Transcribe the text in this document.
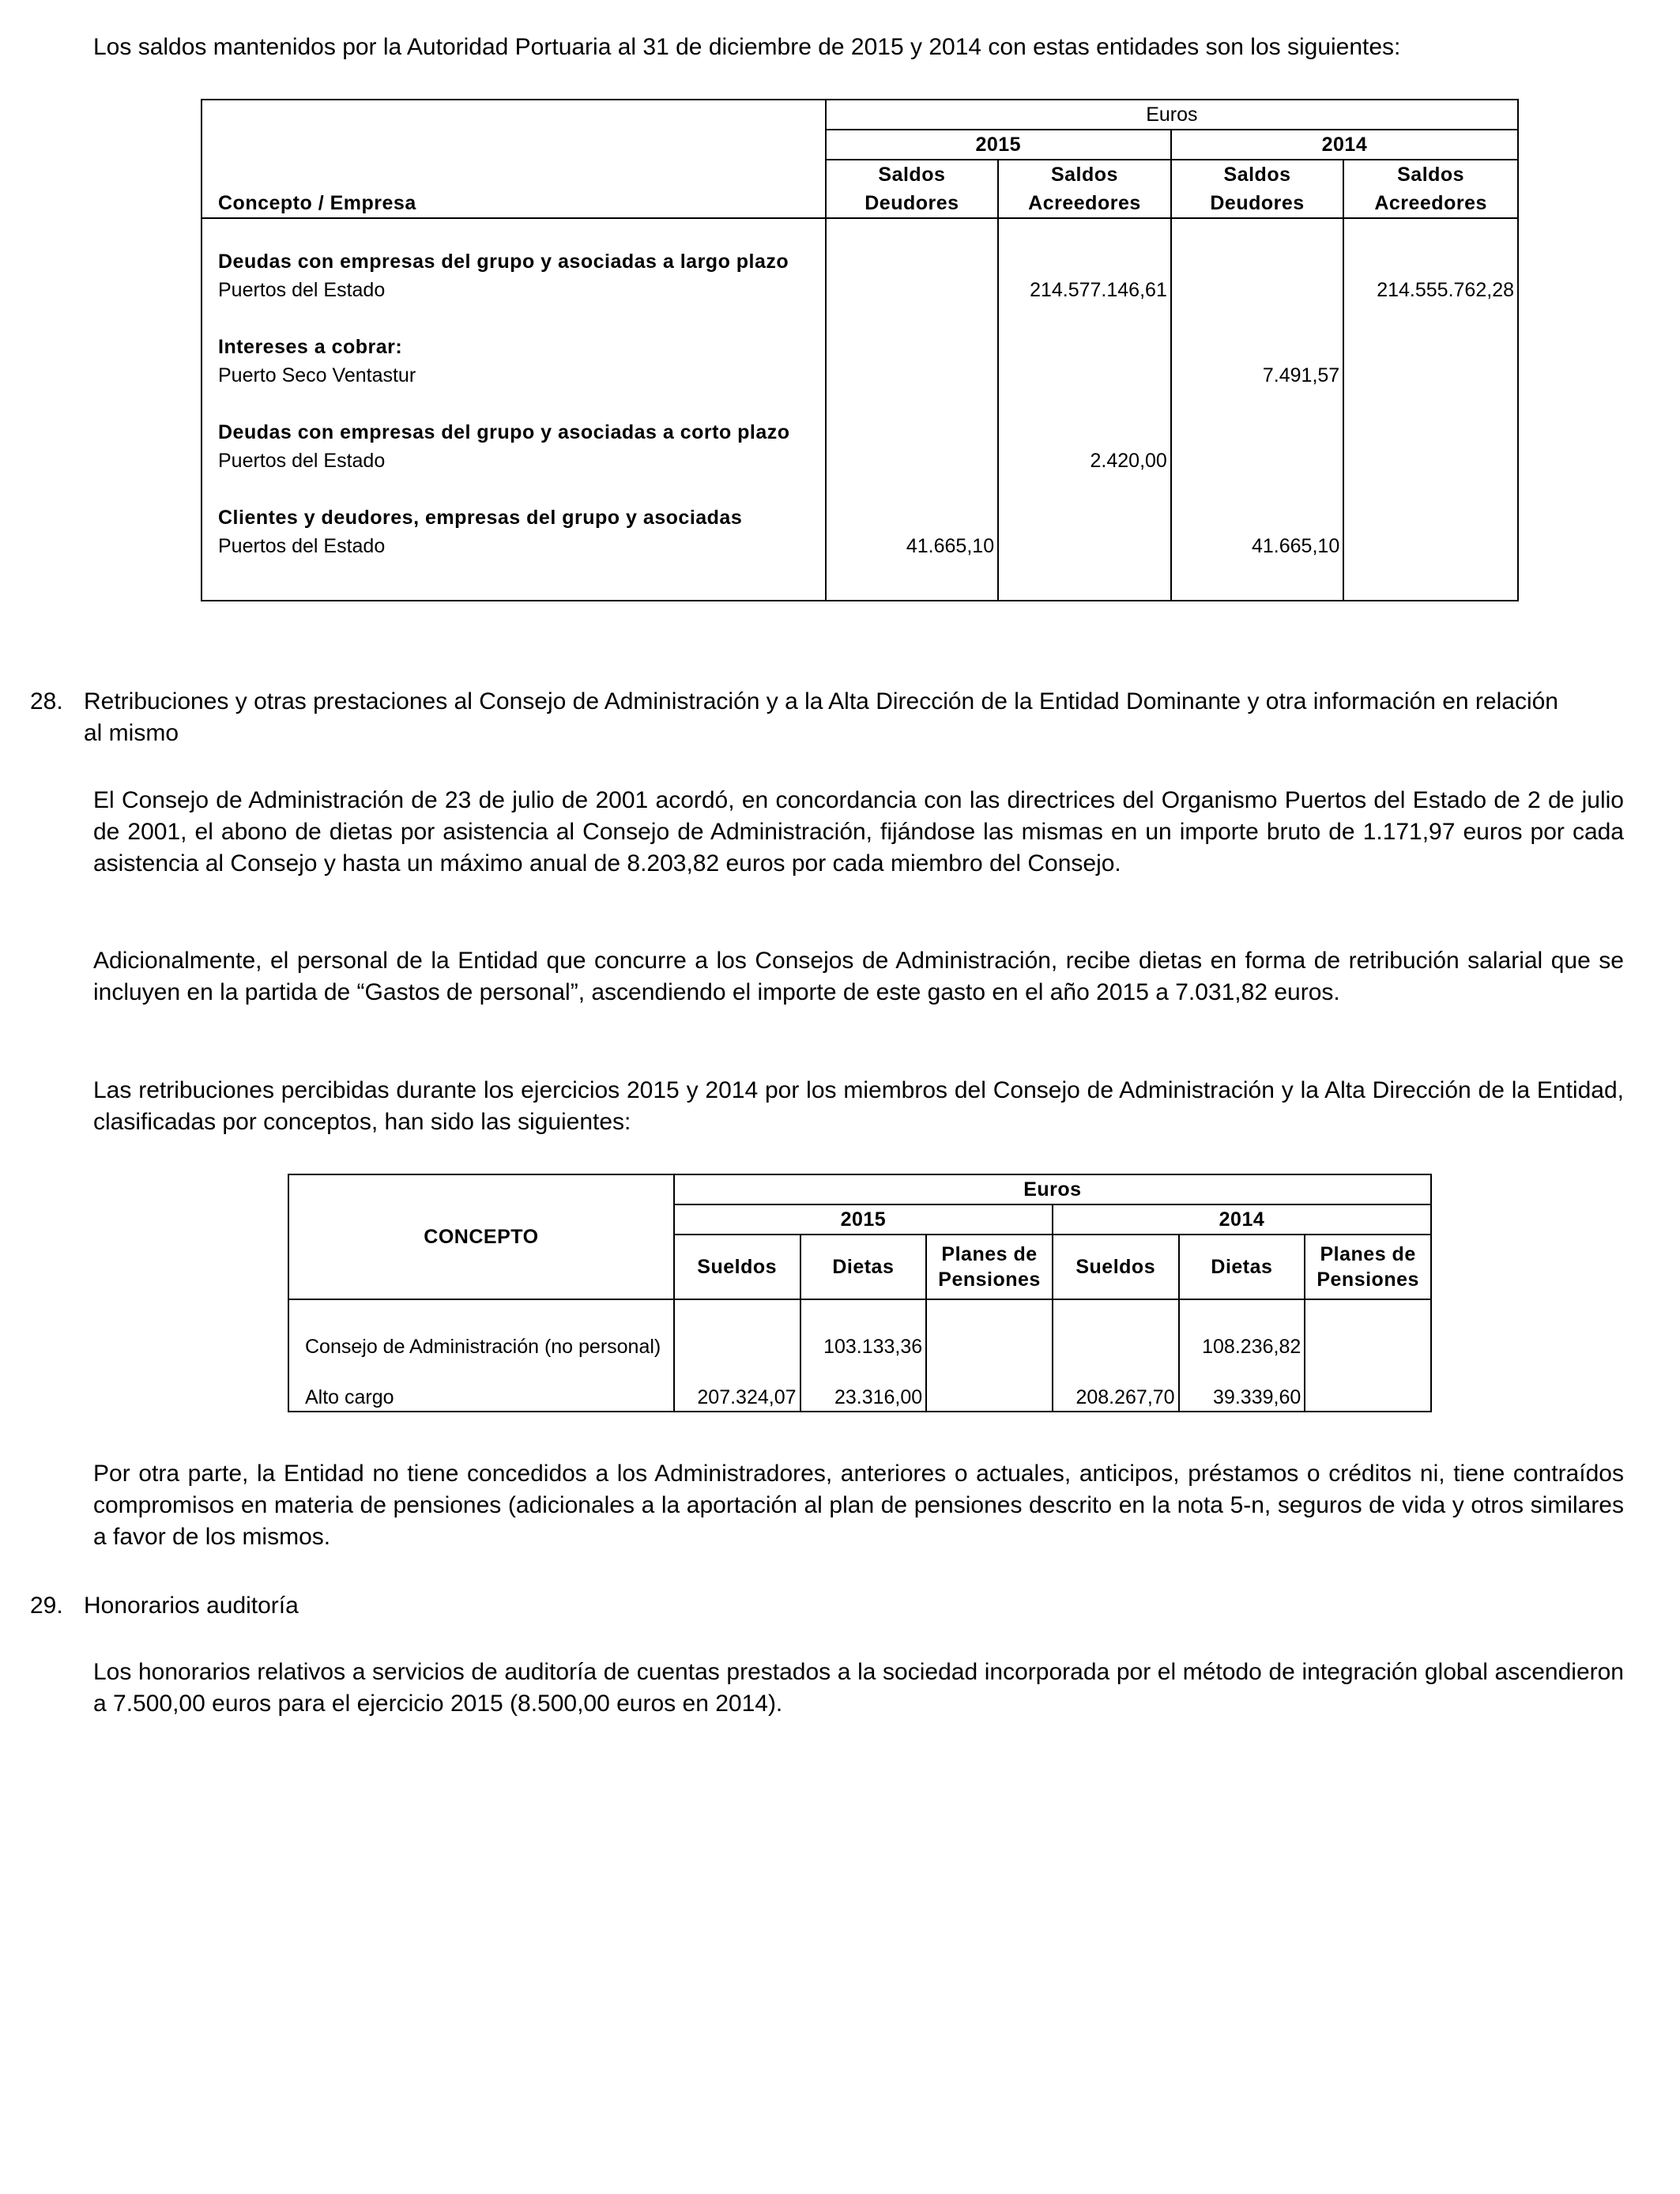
Los saldos mantenidos por la Autoridad Portuaria al 31 de diciembre de 2015 y 2014 con estas entidades son los siguientes:

Concepto / Empresa	Euros			
	2015		2014	
	Saldos	Saldos	Saldos	Saldos
	Deudores	Acreedores	Deudores	Acreedores

Deudas con empresas del grupo y asociadas a largo plazo				
Puertos del Estado		214.577.146,61		214.555.762,28

Intereses a cobrar:				
Puerto Seco Ventastur			7.491,57	

Deudas con empresas del grupo y asociadas a corto plazo				
Puertos del Estado		2.420,00		

Clientes y deudores, empresas del grupo y asociadas				
Puertos del Estado	41.665,10		41.665,10	

28. Retribuciones y otras prestaciones al Consejo de Administración y a la Alta Dirección de la Entidad Dominante y otra información en relación al mismo

El Consejo de Administración de 23 de julio de 2001 acordó, en concordancia con las directrices del Organismo Puertos del Estado de 2 de julio de 2001, el abono de dietas por asistencia al Consejo de Administración, fijándose las mismas en un importe bruto de 1.171,97 euros por cada asistencia al Consejo y hasta un máximo anual de 8.203,82 euros por cada miembro del Consejo.

Adicionalmente, el personal de la Entidad que concurre a los Consejos de Administración, recibe dietas en forma de retribución salarial que se incluyen en la partida de “Gastos de personal”, ascendiendo el importe de este gasto en el año 2015 a 7.031,82 euros.

Las retribuciones percibidas durante los ejercicios 2015 y 2014 por los miembros del Consejo de Administración y la Alta Dirección de la Entidad, clasificadas por conceptos, han sido las siguientes:

CONCEPTO	Euros					
	2015			2014		
	Sueldos	Dietas	Planes de
Pensiones	Sueldos	Dietas	Planes de
Pensiones

Consejo de Administración (no personal)		103.133,36			108.236,82	

Alto cargo	207.324,07	23.316,00		208.267,70	39.339,60	

Por otra parte, la Entidad no tiene concedidos a los Administradores, anteriores o actuales, anticipos, préstamos o créditos ni, tiene contraídos compromisos en materia de pensiones (adicionales a la aportación al plan de pensiones descrito en la nota 5-n, seguros de vida y otros similares a favor de los mismos.

29. Honorarios auditoría

Los honorarios relativos a servicios de auditoría de cuentas prestados a la sociedad incorporada por el método de integración global ascendieron a 7.500,00 euros para el ejercicio 2015 (8.500,00 euros en 2014).
